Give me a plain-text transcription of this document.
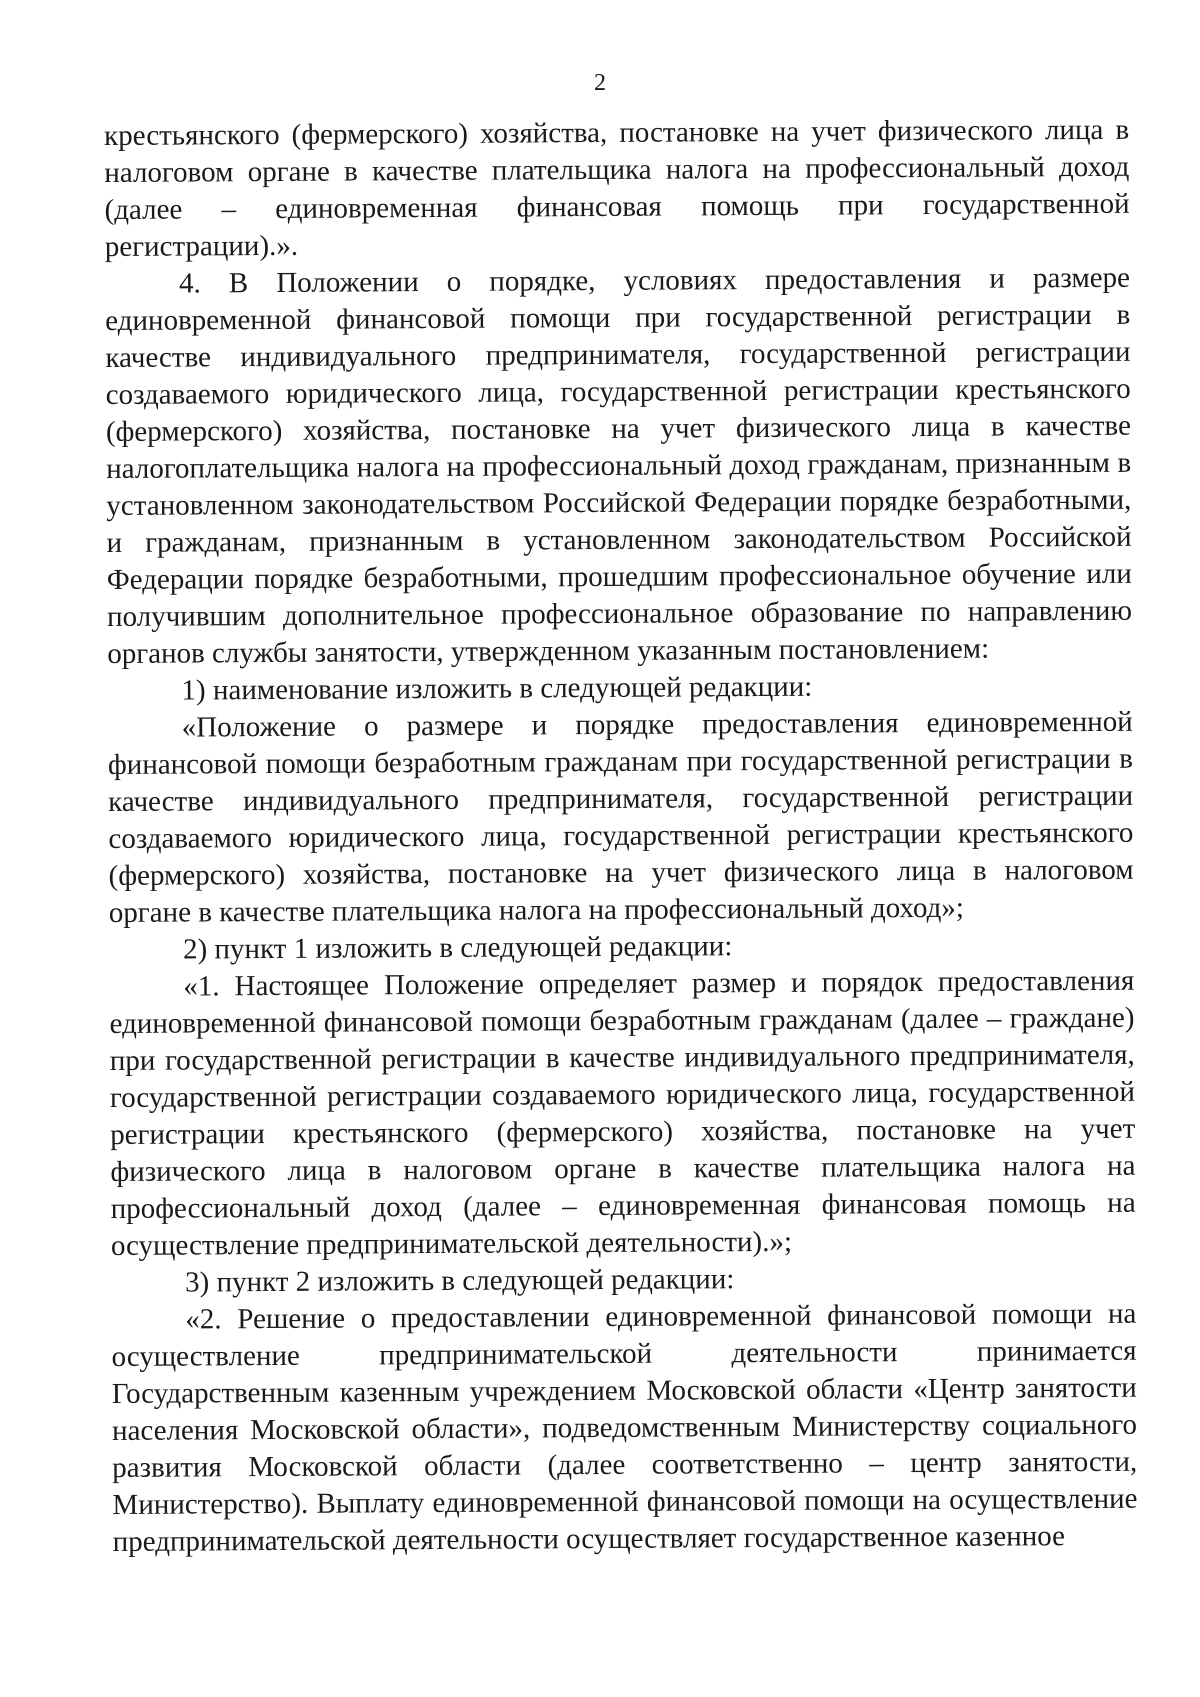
2

крестьянского (фермерского) хозяйства, постановке на учет физического лица в налоговом органе в качестве плательщика налога на профессиональный доход (далее – единовременная финансовая помощь при государственной регистрации).».

4. В Положении о порядке, условиях предоставления и размере единовременной финансовой помощи при государственной регистрации в качестве индивидуального предпринимателя, государственной регистрации создаваемого юридического лица, государственной регистрации крестьянского (фермерского) хозяйства, постановке на учет физического лица в качестве налогоплательщика налога на профессиональный доход гражданам, признанным в установленном законодательством Российской Федерации порядке безработными, и гражданам, признанным в установленном законодательством Российской Федерации порядке безработными, прошедшим профессиональное обучение или получившим дополнительное профессиональное образование по направлению органов службы занятости, утвержденном указанным постановлением:

1) наименование изложить в следующей редакции:

«Положение о размере и порядке предоставления единовременной финансовой помощи безработным гражданам при государственной регистрации в качестве индивидуального предпринимателя, государственной регистрации создаваемого юридического лица, государственной регистрации крестьянского (фермерского) хозяйства, постановке на учет физического лица в налоговом органе в качестве плательщика налога на профессиональный доход»;

2) пункт 1 изложить в следующей редакции:

«1. Настоящее Положение определяет размер и порядок предоставления единовременной финансовой помощи безработным гражданам (далее – граждане) при государственной регистрации в качестве индивидуального предпринимателя, государственной регистрации создаваемого юридического лица, государственной регистрации крестьянского (фермерского) хозяйства, постановке на учет физического лица в налоговом органе в качестве плательщика налога на профессиональный доход (далее – единовременная финансовая помощь на осуществление предпринимательской деятельности).»;

3) пункт 2 изложить в следующей редакции:

«2. Решение о предоставлении единовременной финансовой помощи на осуществление предпринимательской деятельности принимается Государственным казенным учреждением Московской области «Центр занятости населения Московской области», подведомственным Министерству социального развития Московской области (далее соответственно – центр занятости, Министерство). Выплату единовременной финансовой помощи на осуществление предпринимательской деятельности осуществляет государственное казенное
